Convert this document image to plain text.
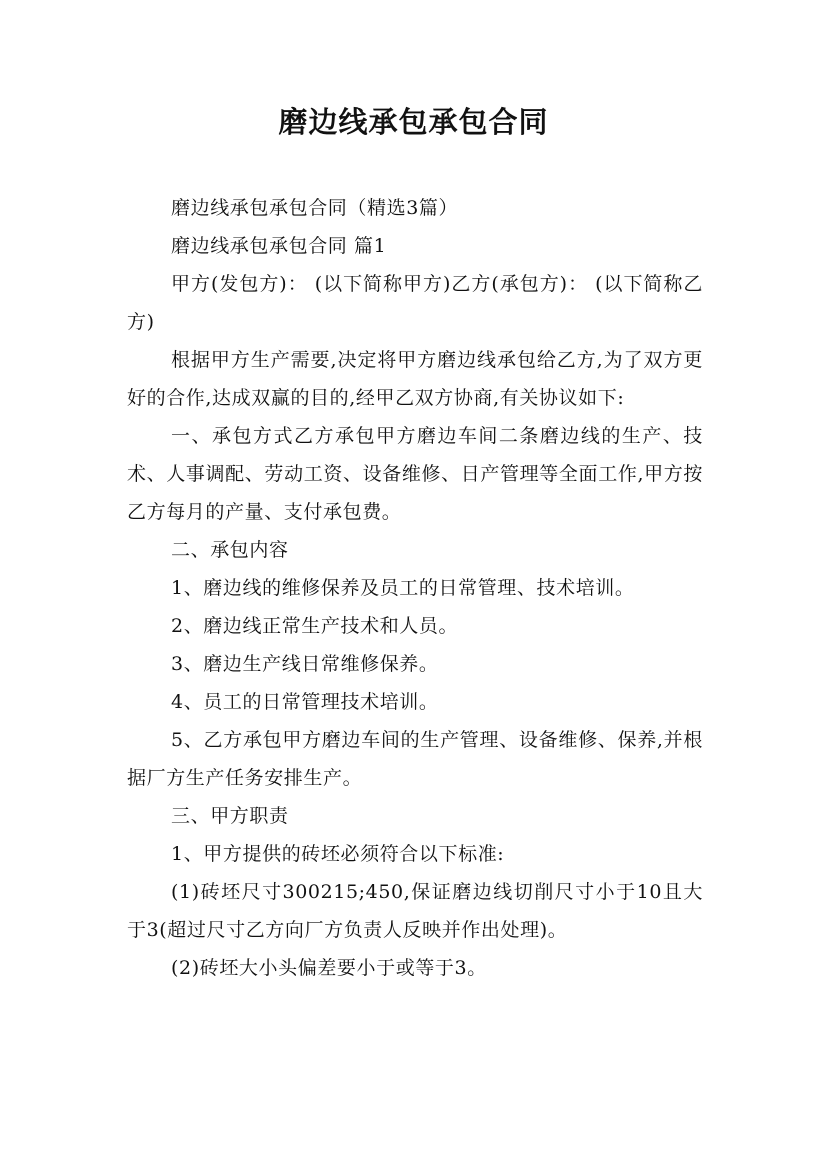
磨边线承包承包合同

磨边线承包承包合同（精选3篇）

磨边线承包承包合同 篇1

甲方(发包方)： (以下简称甲方)乙方(承包方)： (以下简称乙方)

根据甲方生产需要,决定将甲方磨边线承包给乙方,为了双方更好的合作,达成双赢的目的,经甲乙双方协商,有关协议如下:

一、承包方式乙方承包甲方磨边车间二条磨边线的生产、技术、人事调配、劳动工资、设备维修、日产管理等全面工作,甲方按乙方每月的产量、支付承包费。

二、承包内容

1、磨边线的维修保养及员工的日常管理、技术培训。

2、磨边线正常生产技术和人员。

3、磨边生产线日常维修保养。

4、员工的日常管理技术培训。

5、乙方承包甲方磨边车间的生产管理、设备维修、保养,并根据厂方生产任务安排生产。

三、甲方职责

1、甲方提供的砖坯必须符合以下标准:

(1)砖坯尺寸300215;450,保证磨边线切削尺寸小于10且大于3(超过尺寸乙方向厂方负责人反映并作出处理)。

(2)砖坯大小头偏差要小于或等于3。
